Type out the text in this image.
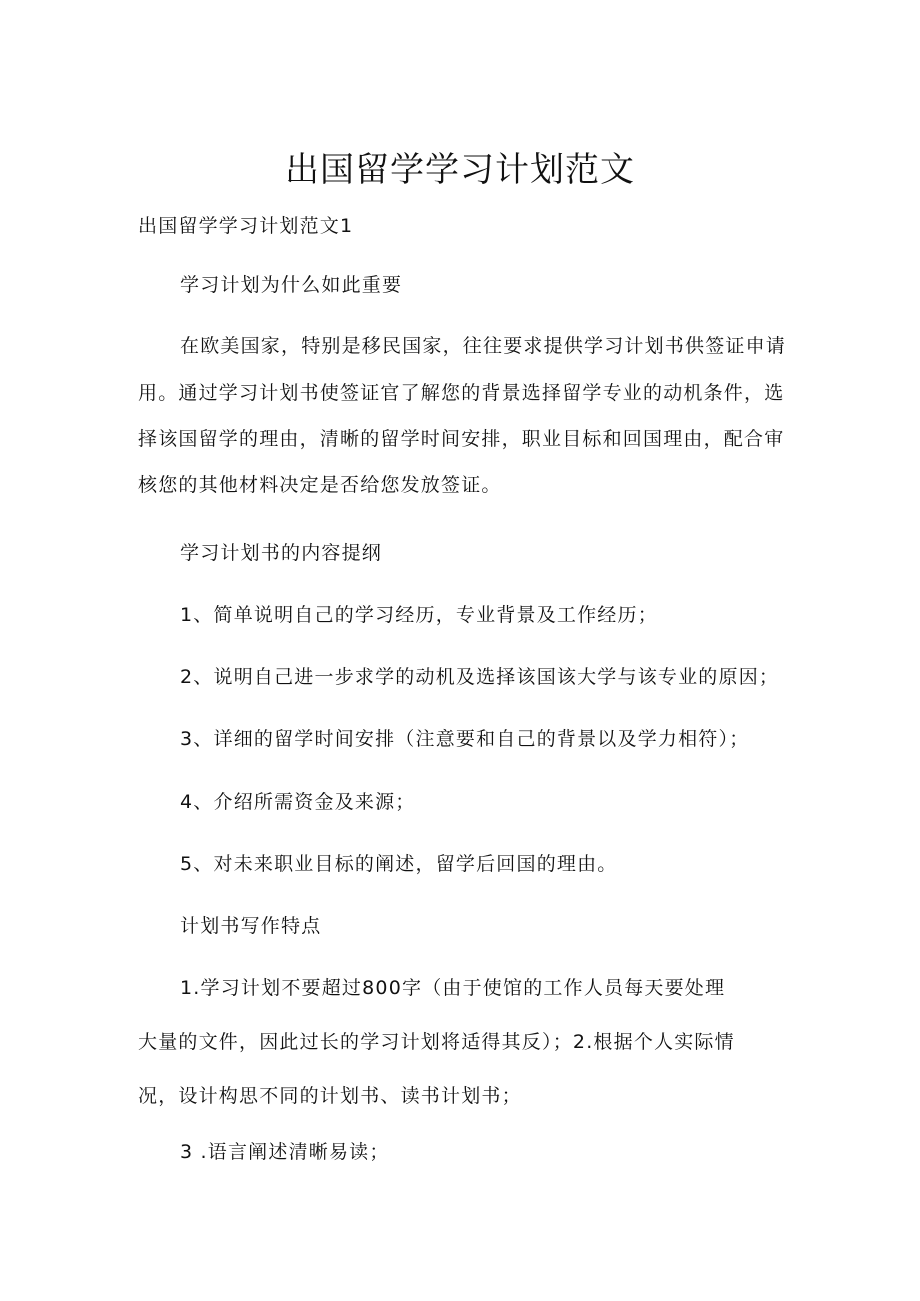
出国留学学习计划范文
出国留学学习计划范文1
学习计划为什么如此重要
在欧美国家，特别是移民国家，往往要求提供学习计划书供签证申请
用。通过学习计划书使签证官了解您的背景选择留学专业的动机条件，选
择该国留学的理由，清晰的留学时间安排，职业目标和回国理由，配合审
核您的其他材料决定是否给您发放签证。
学习计划书的内容提纲
1、简单说明自己的学习经历，专业背景及工作经历；
2、说明自己进一步求学的动机及选择该国该大学与该专业的原因；
3、详细的留学时间安排（注意要和自己的背景以及学力相符）；
4、介绍所需资金及来源；
5、对未来职业目标的阐述，留学后回国的理由。
计划书写作特点
1.学习计划不要超过800字（由于使馆的工作人员每天要处理
大量的文件，因此过长的学习计划将适得其反）；2.根据个人实际情
况，设计构思不同的计划书、读书计划书；
3 .语言阐述清晰易读；
